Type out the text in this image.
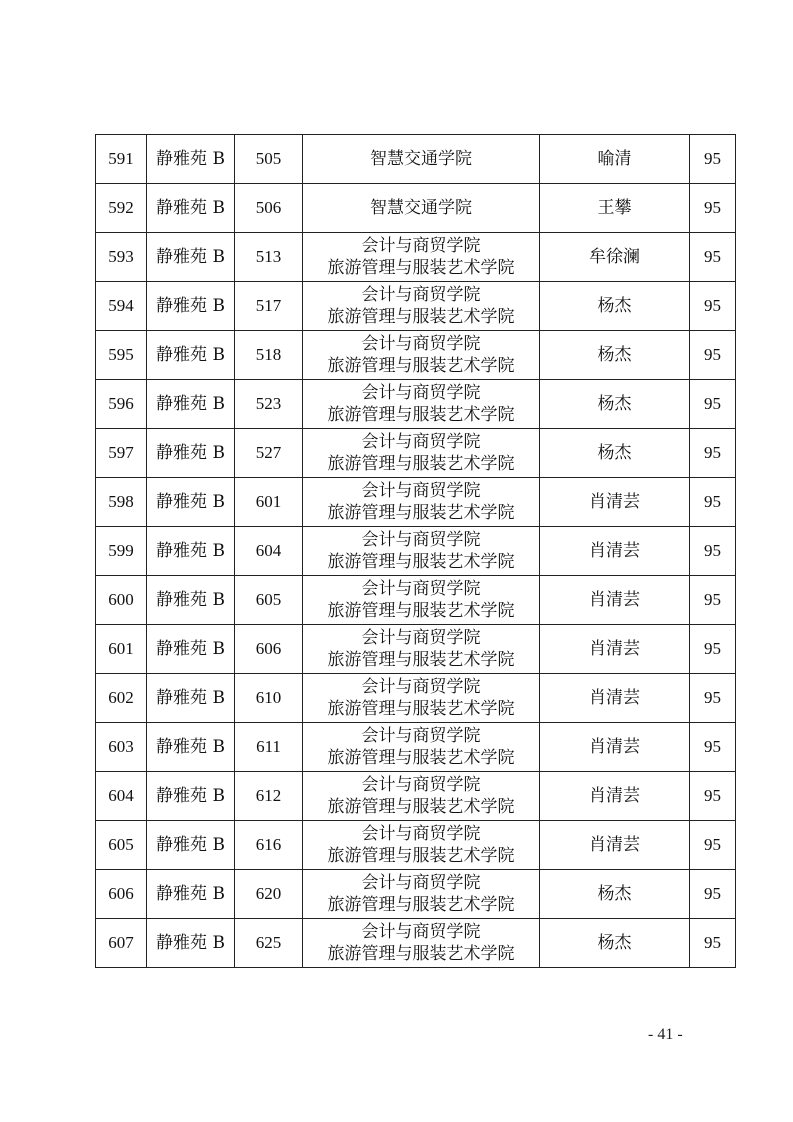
591	静雅苑 B	505	智慧交通学院	喻清	95
592	静雅苑 B	506	智慧交通学院	王攀	95
593	静雅苑 B	513	会计与商贸学院
旅游管理与服装艺术学院	牟徐澜	95
594	静雅苑 B	517	会计与商贸学院
旅游管理与服装艺术学院	杨杰	95
595	静雅苑 B	518	会计与商贸学院
旅游管理与服装艺术学院	杨杰	95
596	静雅苑 B	523	会计与商贸学院
旅游管理与服装艺术学院	杨杰	95
597	静雅苑 B	527	会计与商贸学院
旅游管理与服装艺术学院	杨杰	95
598	静雅苑 B	601	会计与商贸学院
旅游管理与服装艺术学院	肖清芸	95
599	静雅苑 B	604	会计与商贸学院
旅游管理与服装艺术学院	肖清芸	95
600	静雅苑 B	605	会计与商贸学院
旅游管理与服装艺术学院	肖清芸	95
601	静雅苑 B	606	会计与商贸学院
旅游管理与服装艺术学院	肖清芸	95
602	静雅苑 B	610	会计与商贸学院
旅游管理与服装艺术学院	肖清芸	95
603	静雅苑 B	611	会计与商贸学院
旅游管理与服装艺术学院	肖清芸	95
604	静雅苑 B	612	会计与商贸学院
旅游管理与服装艺术学院	肖清芸	95
605	静雅苑 B	616	会计与商贸学院
旅游管理与服装艺术学院	肖清芸	95
606	静雅苑 B	620	会计与商贸学院
旅游管理与服装艺术学院	杨杰	95
607	静雅苑 B	625	会计与商贸学院
旅游管理与服装艺术学院	杨杰	95
- 41 -
